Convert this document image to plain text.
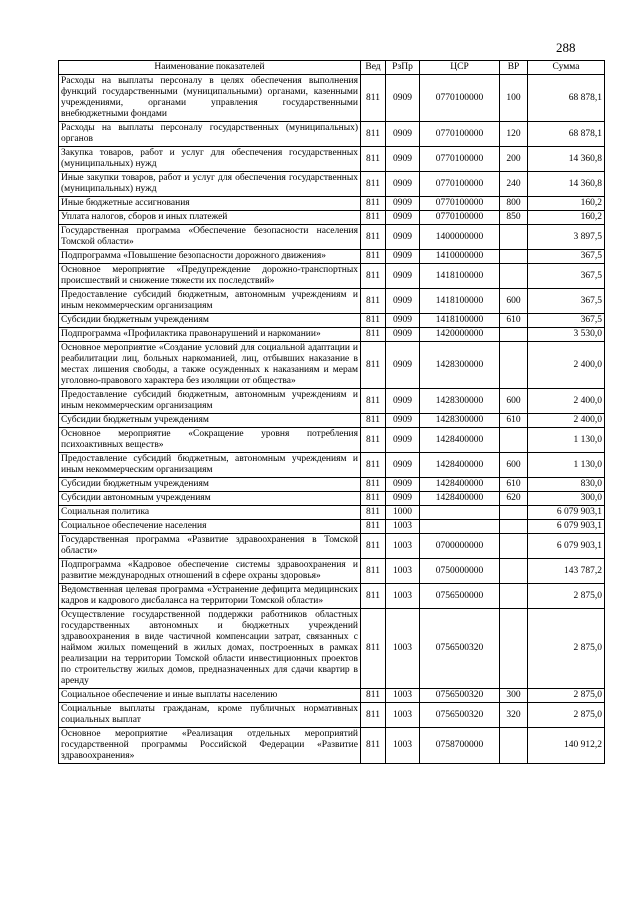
288
Наименование показателей	Вед	РзПр	ЦСР	ВР	Сумма
Расходы на выплаты персоналу в целях обеспечения выполнения функций государственными (муниципальными) органами, казенными учреждениями, органами управления государственными внебюджетными фондами	811	0909	0770100000	100	68 878,1
Расходы на выплаты персоналу государственных (муниципальных) органов	811	0909	0770100000	120	68 878,1
Закупка товаров, работ и услуг для обеспечения государственных (муниципальных) нужд	811	0909	0770100000	200	14 360,8
Иные закупки товаров, работ и услуг для обеспечения государственных (муниципальных) нужд	811	0909	0770100000	240	14 360,8
Иные бюджетные ассигнования	811	0909	0770100000	800	160,2
Уплата налогов, сборов и иных платежей	811	0909	0770100000	850	160,2
Государственная программа «Обеспечение безопасности населения Томской области»	811	0909	1400000000		3 897,5
Подпрограмма «Повышение безопасности дорожного движения»	811	0909	1410000000		367,5
Основное мероприятие «Предупреждение дорожно-транспортных происшествий и снижение тяжести их последствий»	811	0909	1418100000		367,5
Предоставление субсидий бюджетным, автономным учреждениям и иным некоммерческим организациям	811	0909	1418100000	600	367,5
Субсидии бюджетным учреждениям	811	0909	1418100000	610	367,5
Подпрограмма «Профилактика правонарушений и наркомании»	811	0909	1420000000		3 530,0
Основное мероприятие «Создание условий для социальной адаптации и реабилитации лиц, больных наркоманией, лиц, отбывших наказание в местах лишения свободы, а также осужденных к наказаниям и мерам уголовно-правового характера без изоляции от общества»	811	0909	1428300000		2 400,0
Предоставление субсидий бюджетным, автономным учреждениям и иным некоммерческим организациям	811	0909	1428300000	600	2 400,0
Субсидии бюджетным учреждениям	811	0909	1428300000	610	2 400,0
Основное мероприятие «Сокращение уровня потребления психоактивных веществ»	811	0909	1428400000		1 130,0
Предоставление субсидий бюджетным, автономным учреждениям и иным некоммерческим организациям	811	0909	1428400000	600	1 130,0
Субсидии бюджетным учреждениям	811	0909	1428400000	610	830,0
Субсидии автономным учреждениям	811	0909	1428400000	620	300,0
Социальная политика	811	1000			6 079 903,1
Социальное обеспечение населения	811	1003			6 079 903,1
Государственная программа «Развитие здравоохранения в Томской области»	811	1003	0700000000		6 079 903,1
Подпрограмма «Кадровое обеспечение системы здравоохранения и развитие международных отношений в сфере охраны здоровья»	811	1003	0750000000		143 787,2
Ведомственная целевая программа «Устранение дефицита медицинских кадров и кадрового дисбаланса на территории Томской области»	811	1003	0756500000		2 875,0
Осуществление государственной поддержки работников областных государственных автономных и бюджетных учреждений здравоохранения в виде частичной компенсации затрат, связанных с наймом жилых помещений в жилых домах, построенных в рамках реализации на территории Томской области инвестиционных проектов по строительству жилых домов, предназначенных для сдачи квартир в аренду	811	1003	0756500320		2 875,0
Социальное обеспечение и иные выплаты населению	811	1003	0756500320	300	2 875,0
Социальные выплаты гражданам, кроме публичных нормативных социальных выплат	811	1003	0756500320	320	2 875,0
Основное мероприятие «Реализация отдельных мероприятий государственной программы Российской Федерации «Развитие здравоохранения»	811	1003	0758700000		140 912,2
